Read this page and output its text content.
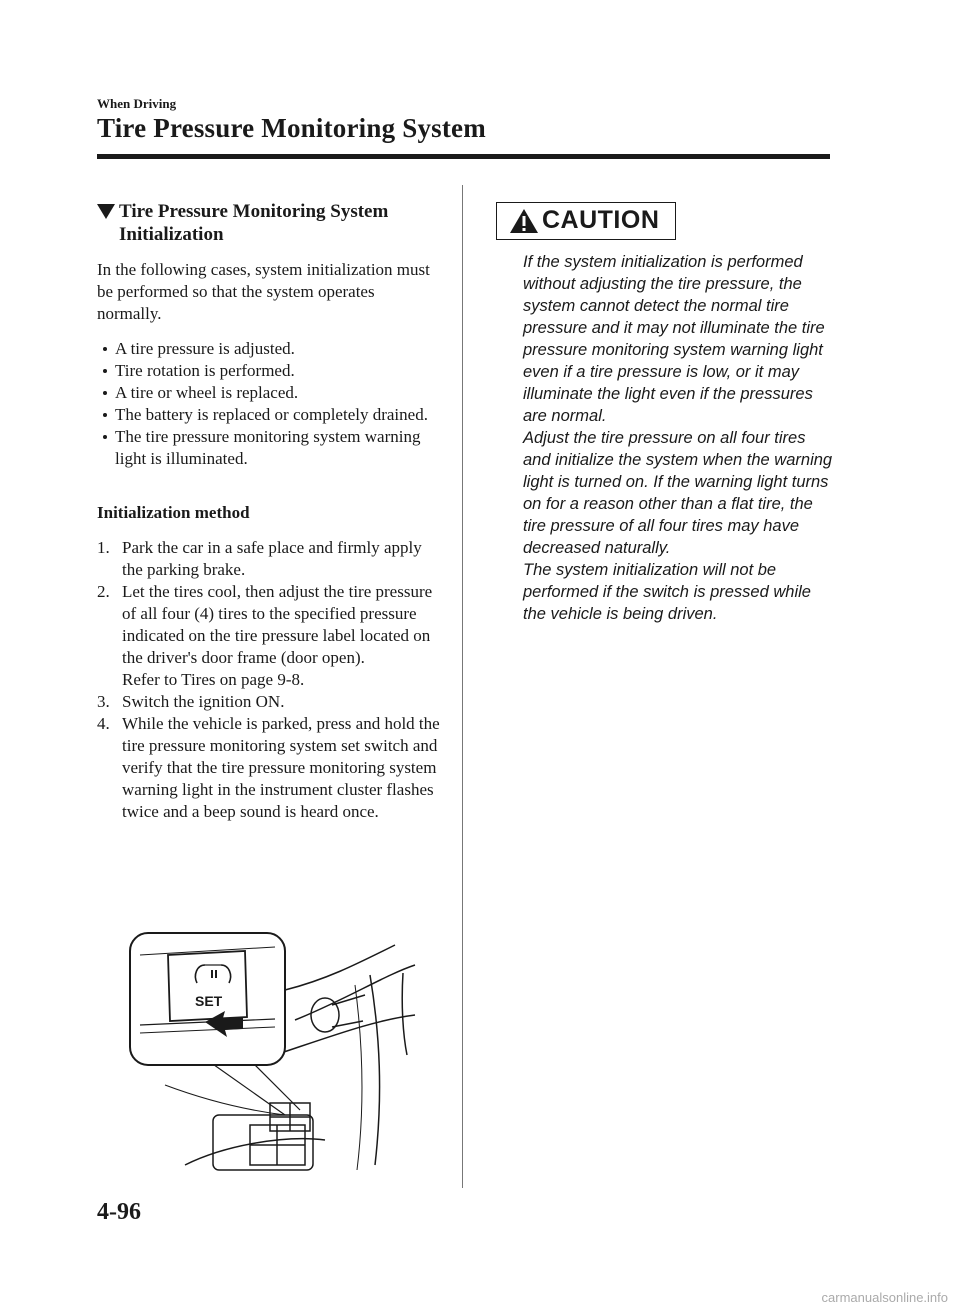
When Driving
Tire Pressure Monitoring System
Tire Pressure Monitoring System
Initialization

In the following cases, system initialization must be performed so that the system operates normally.

A tire pressure is adjusted.
Tire rotation is performed.
A tire or wheel is replaced.
The battery is replaced or completely drained.
The tire pressure monitoring system warning light is illuminated.

Initialization method

1. Park the car in a safe place and firmly apply the parking brake.
2. Let the tires cool, then adjust the tire pressure of all four (4) tires to the specified pressure indicated on the tire pressure label located on the driver's door frame (door open).
Refer to Tires on page 9-8.
3. Switch the ignition ON.
4. While the vehicle is parked, press and hold the tire pressure monitoring system set switch and verify that the tire pressure monitoring system warning light in the instrument cluster flashes twice and a beep sound is heard once.
CAUTION

If the system initialization is performed without adjusting the tire pressure, the system cannot detect the normal tire pressure and it may not illuminate the tire pressure monitoring system warning light even if a tire pressure is low, or it may illuminate the light even if the pressures are normal.

Adjust the tire pressure on all four tires and initialize the system when the warning light is turned on. If the warning light turns on for a reason other than a flat tire, the tire pressure of all four tires may have decreased naturally.

The system initialization will not be performed if the switch is pressed while the vehicle is being driven.

SET
4-96
carmanualsonline.info
